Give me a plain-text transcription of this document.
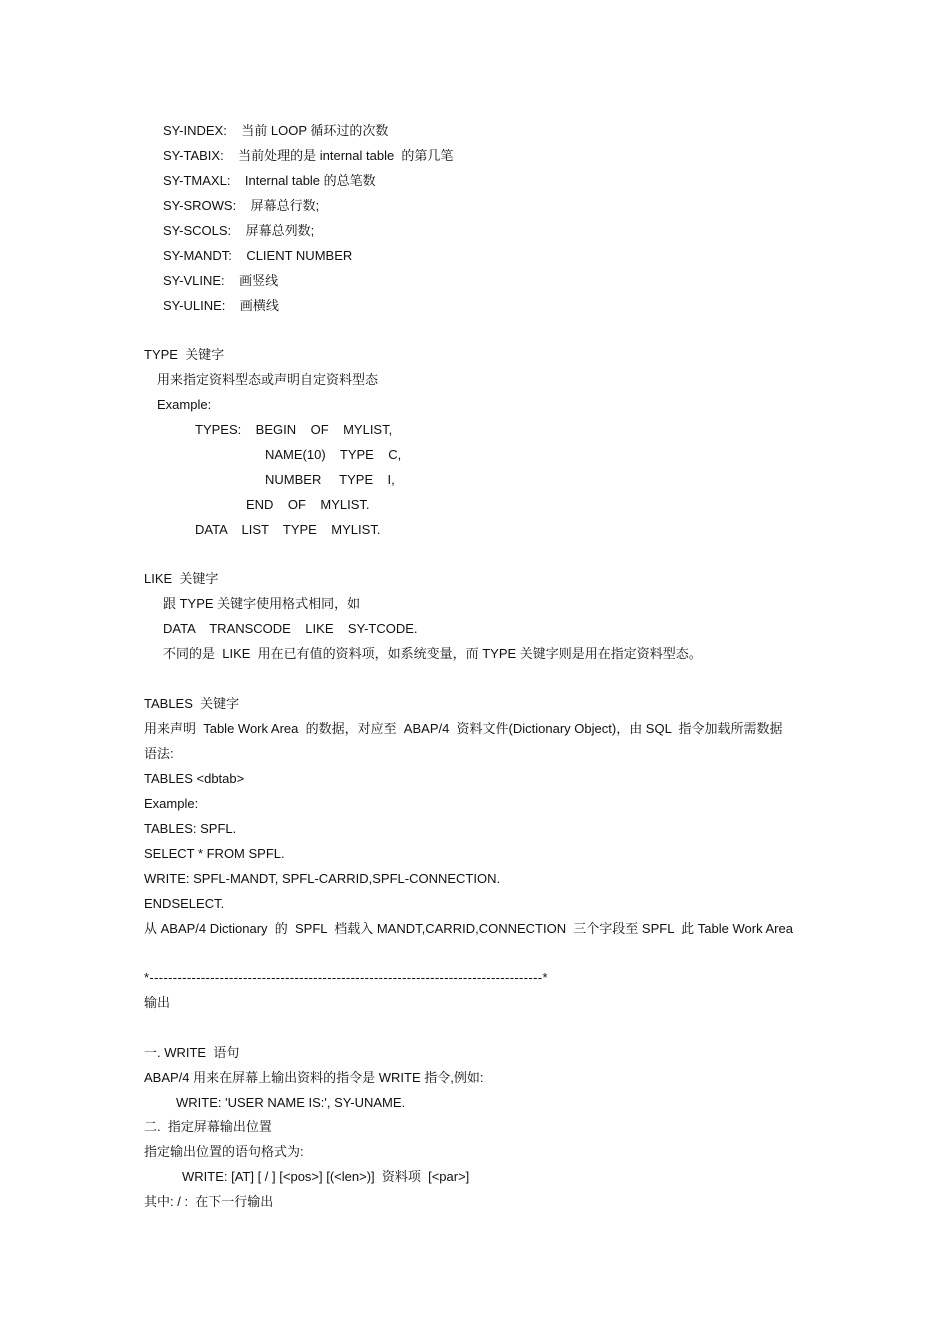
SY-INDEX:    当前 LOOP 循环过的次数
SY-TABIX:    当前处理的是 internal table  的第几笔
SY-TMAXL:    Internal table 的总笔数
SY-SROWS:    屏幕总行数;
SY-SCOLS:    屏幕总列数;
SY-MANDT:    CLIENT NUMBER
SY-VLINE:    画竖线
SY-ULINE:    画横线
TYPE  关键字
用来指定资料型态或声明自定资料型态
Example:
TYPES:    BEGIN    OF    MYLIST,
NAME(10)    TYPE    C,
NUMBER     TYPE    I,
END    OF    MYLIST.
DATA    LIST    TYPE    MYLIST.
LIKE  关键字
跟 TYPE 关键字使用格式相同，如
DATA    TRANSCODE    LIKE    SY-TCODE.
不同的是  LIKE  用在已有值的资料项，如系统变量，而 TYPE 关键字则是用在指定资料型态。
TABLES  关键字
用来声明  Table Work Area  的数据，对应至  ABAP/4  资料文件(Dictionary Object)，由 SQL  指令加载所需数据
语法:
TABLES <dbtab>
Example:
TABLES: SPFL.
SELECT * FROM SPFL.
WRITE: SPFL-MANDT, SPFL-CARRID,SPFL-CONNECTION.
ENDSELECT.
从 ABAP/4 Dictionary  的  SPFL  档载入 MANDT,CARRID,CONNECTION  三个字段至 SPFL  此 Table Work Area
*------------------------------------------------------------------------------------*
输出
一. WRITE  语句
ABAP/4 用来在屏幕上输出资料的指令是 WRITE 指令,例如:
WRITE: 'USER NAME IS:', SY-UNAME.
二.  指定屏幕输出位置
指定输出位置的语句格式为:
WRITE: [AT] [ / ] [<pos>] [(<len>)]  资料项  [<par>]
其中: / :  在下一行输出
